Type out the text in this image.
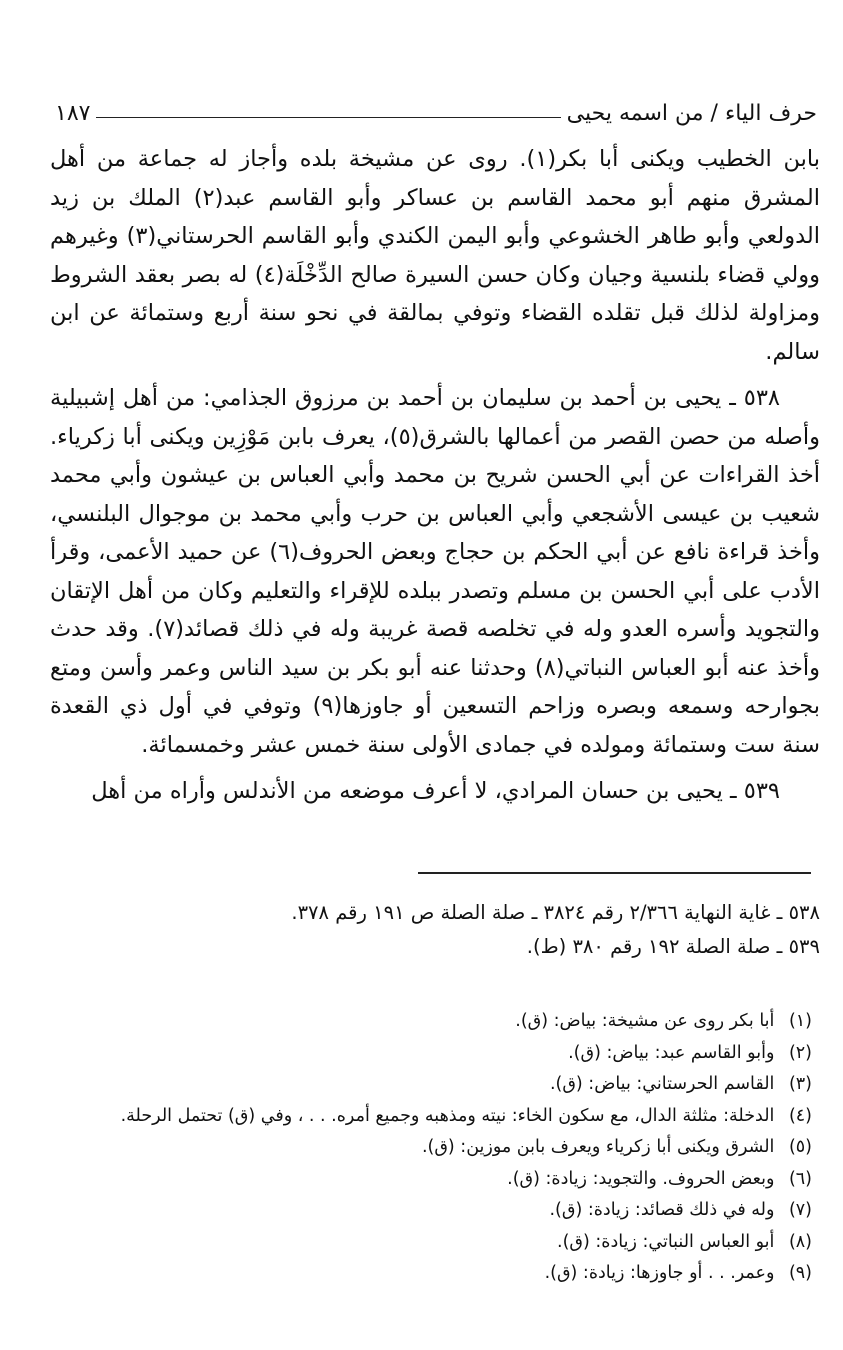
حرف الياء / من اسمه يحيى
١٨٧

بابن الخطيب ويكنى أبا بكر(١). روى عن مشيخة بلده وأجاز له جماعة من أهل المشرق منهم أبو محمد القاسم بن عساكر وأبو القاسم عبد(٢) الملك بن زيد الدولعي وأبو طاهر الخشوعي وأبو اليمن الكندي وأبو القاسم الحرستاني(٣) وغيرهم وولي قضاء بلنسية وجيان وكان حسن السيرة صالح الدِّخْلَة(٤) له بصر بعقد الشروط ومزاولة لذلك قبل تقلده القضاء وتوفي بمالقة في نحو سنة أربع وستمائة عن ابن سالم.

٥٣٨ ـ يحيى بن أحمد بن سليمان بن أحمد بن مرزوق الجذامي: من أهل إشبيلية وأصله من حصن القصر من أعمالها بالشرق(٥)، يعرف بابن مَوْزِين ويكنى أبا زكرياء. أخذ القراءات عن أبي الحسن شريح بن محمد وأبي العباس بن عيشون وأبي محمد شعيب بن عيسى الأشجعي وأبي العباس بن حرب وأبي محمد بن موجوال البلنسي، وأخذ قراءة نافع عن أبي الحكم بن حجاج وبعض الحروف(٦) عن حميد الأعمى، وقرأ الأدب على أبي الحسن بن مسلم وتصدر ببلده للإقراء والتعليم وكان من أهل الإتقان والتجويد وأسره العدو وله في تخلصه قصة غريبة وله في ذلك قصائد(٧). وقد حدث وأخذ عنه أبو العباس النباتي(٨) وحدثنا عنه أبو بكر بن سيد الناس وعمر وأسن ومتع بجوارحه وسمعه وبصره وزاحم التسعين أو جاوزها(٩) وتوفي في أول ذي القعدة سنة ست وستمائة ومولده في جمادى الأولى سنة خمس عشر وخمسمائة.

٥٣٩ ـ يحيى بن حسان المرادي، لا أعرف موضعه من الأندلس وأراه من أهل

٥٣٨ ـ غاية النهاية ٢/٣٦٦ رقم ٣٨٢٤ ـ صلة الصلة ص ١٩١ رقم ٣٧٨.
٥٣٩ ـ صلة الصلة ١٩٢ رقم ٣٨٠ (ط).
(١) أبا بكر روى عن مشيخة: بياض: (ق).
(٢) وأبو القاسم عبد: بياض: (ق).
(٣) القاسم الحرستاني: بياض: (ق).
(٤) الدخلة: مثلثة الدال، مع سكون الخاء: نيته ومذهبه وجميع أمره. . . ، وفي (ق) تحتمل الرحلة.
(٥) الشرق ويكنى أبا زكرياء ويعرف بابن موزين: (ق).
(٦) وبعض الحروف. والتجويد: زيادة: (ق).
(٧) وله في ذلك قصائد: زيادة: (ق).
(٨) أبو العباس النباتي: زيادة: (ق).
(٩) وعمر. . . أو جاوزها: زيادة: (ق).
